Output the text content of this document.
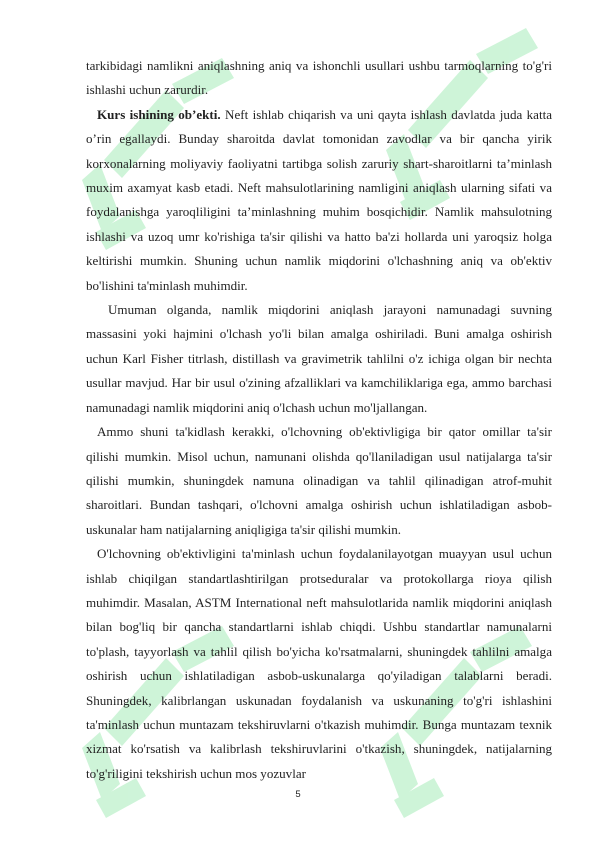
tarkibidagi namlikni aniqlashning aniq va ishonchli usullari ushbu tarmoqlarning to'g'ri ishlashi uchun zarurdir.

Kurs ishining ob’ekti. Neft ishlab chiqarish va uni qayta ishlash davlatda juda katta o’rin egallaydi. Bunday sharoitda davlat tomonidan zavodlar va bir qancha yirik korxonalarning moliyaviy faoliyatni tartibga solish zaruriy shart-sharoitlarni ta’minlash muxim axamyat kasb etadi. Neft mahsulotlarining namligini aniqlash ularning sifati va foydalanishga yaroqliligini ta’minlashning muhim bosqichidir. Namlik mahsulotning ishlashi va uzoq umr ko'rishiga ta'sir qilishi va hatto ba'zi hollarda uni yaroqsiz holga keltirishi mumkin. Shuning uchun namlik miqdorini o'lchashning aniq va ob'ektiv bo'lishini ta'minlash muhimdir.

Umuman olganda, namlik miqdorini aniqlash jarayoni namunadagi suvning massasini yoki hajmini o'lchash yo'li bilan amalga oshiriladi. Buni amalga oshirish uchun Karl Fisher titrlash, distillash va gravimetrik tahlilni o'z ichiga olgan bir nechta usullar mavjud. Har bir usul o'zining afzalliklari va kamchiliklariga ega, ammo barchasi namunadagi namlik miqdorini aniq o'lchash uchun mo'ljallangan.

Ammo shuni ta'kidlash kerakki, o'lchovning ob'ektivligiga bir qator omillar ta'sir qilishi mumkin. Misol uchun, namunani olishda qo'llaniladigan usul natijalarga ta'sir qilishi mumkin, shuningdek namuna olinadigan va tahlil qilinadigan atrof-muhit sharoitlari. Bundan tashqari, o'lchovni amalga oshirish uchun ishlatiladigan asbob-uskunalar ham natijalarning aniqligiga ta'sir qilishi mumkin.

O'lchovning ob'ektivligini ta'minlash uchun foydalanilayotgan muayyan usul uchun ishlab chiqilgan standartlashtirilgan protseduralar va protokollarga rioya qilish muhimdir. Masalan, ASTM International neft mahsulotlarida namlik miqdorini aniqlash bilan bog'liq bir qancha standartlarni ishlab chiqdi. Ushbu standartlar namunalarni to'plash, tayyorlash va tahlil qilish bo'yicha ko'rsatmalarni, shuningdek tahlilni amalga oshirish uchun ishlatiladigan asbob-uskunalarga qo'yiladigan talablarni beradi. Shuningdek, kalibrlangan uskunadan foydalanish va uskunaning to'g'ri ishlashini ta'minlash uchun muntazam tekshiruvlarni o'tkazish muhimdir. Bunga muntazam texnik xizmat ko'rsatish va kalibrlash tekshiruvlarini o'tkazish, shuningdek, natijalarning to'g'riligini tekshirish uchun mos yozuvlar

5
